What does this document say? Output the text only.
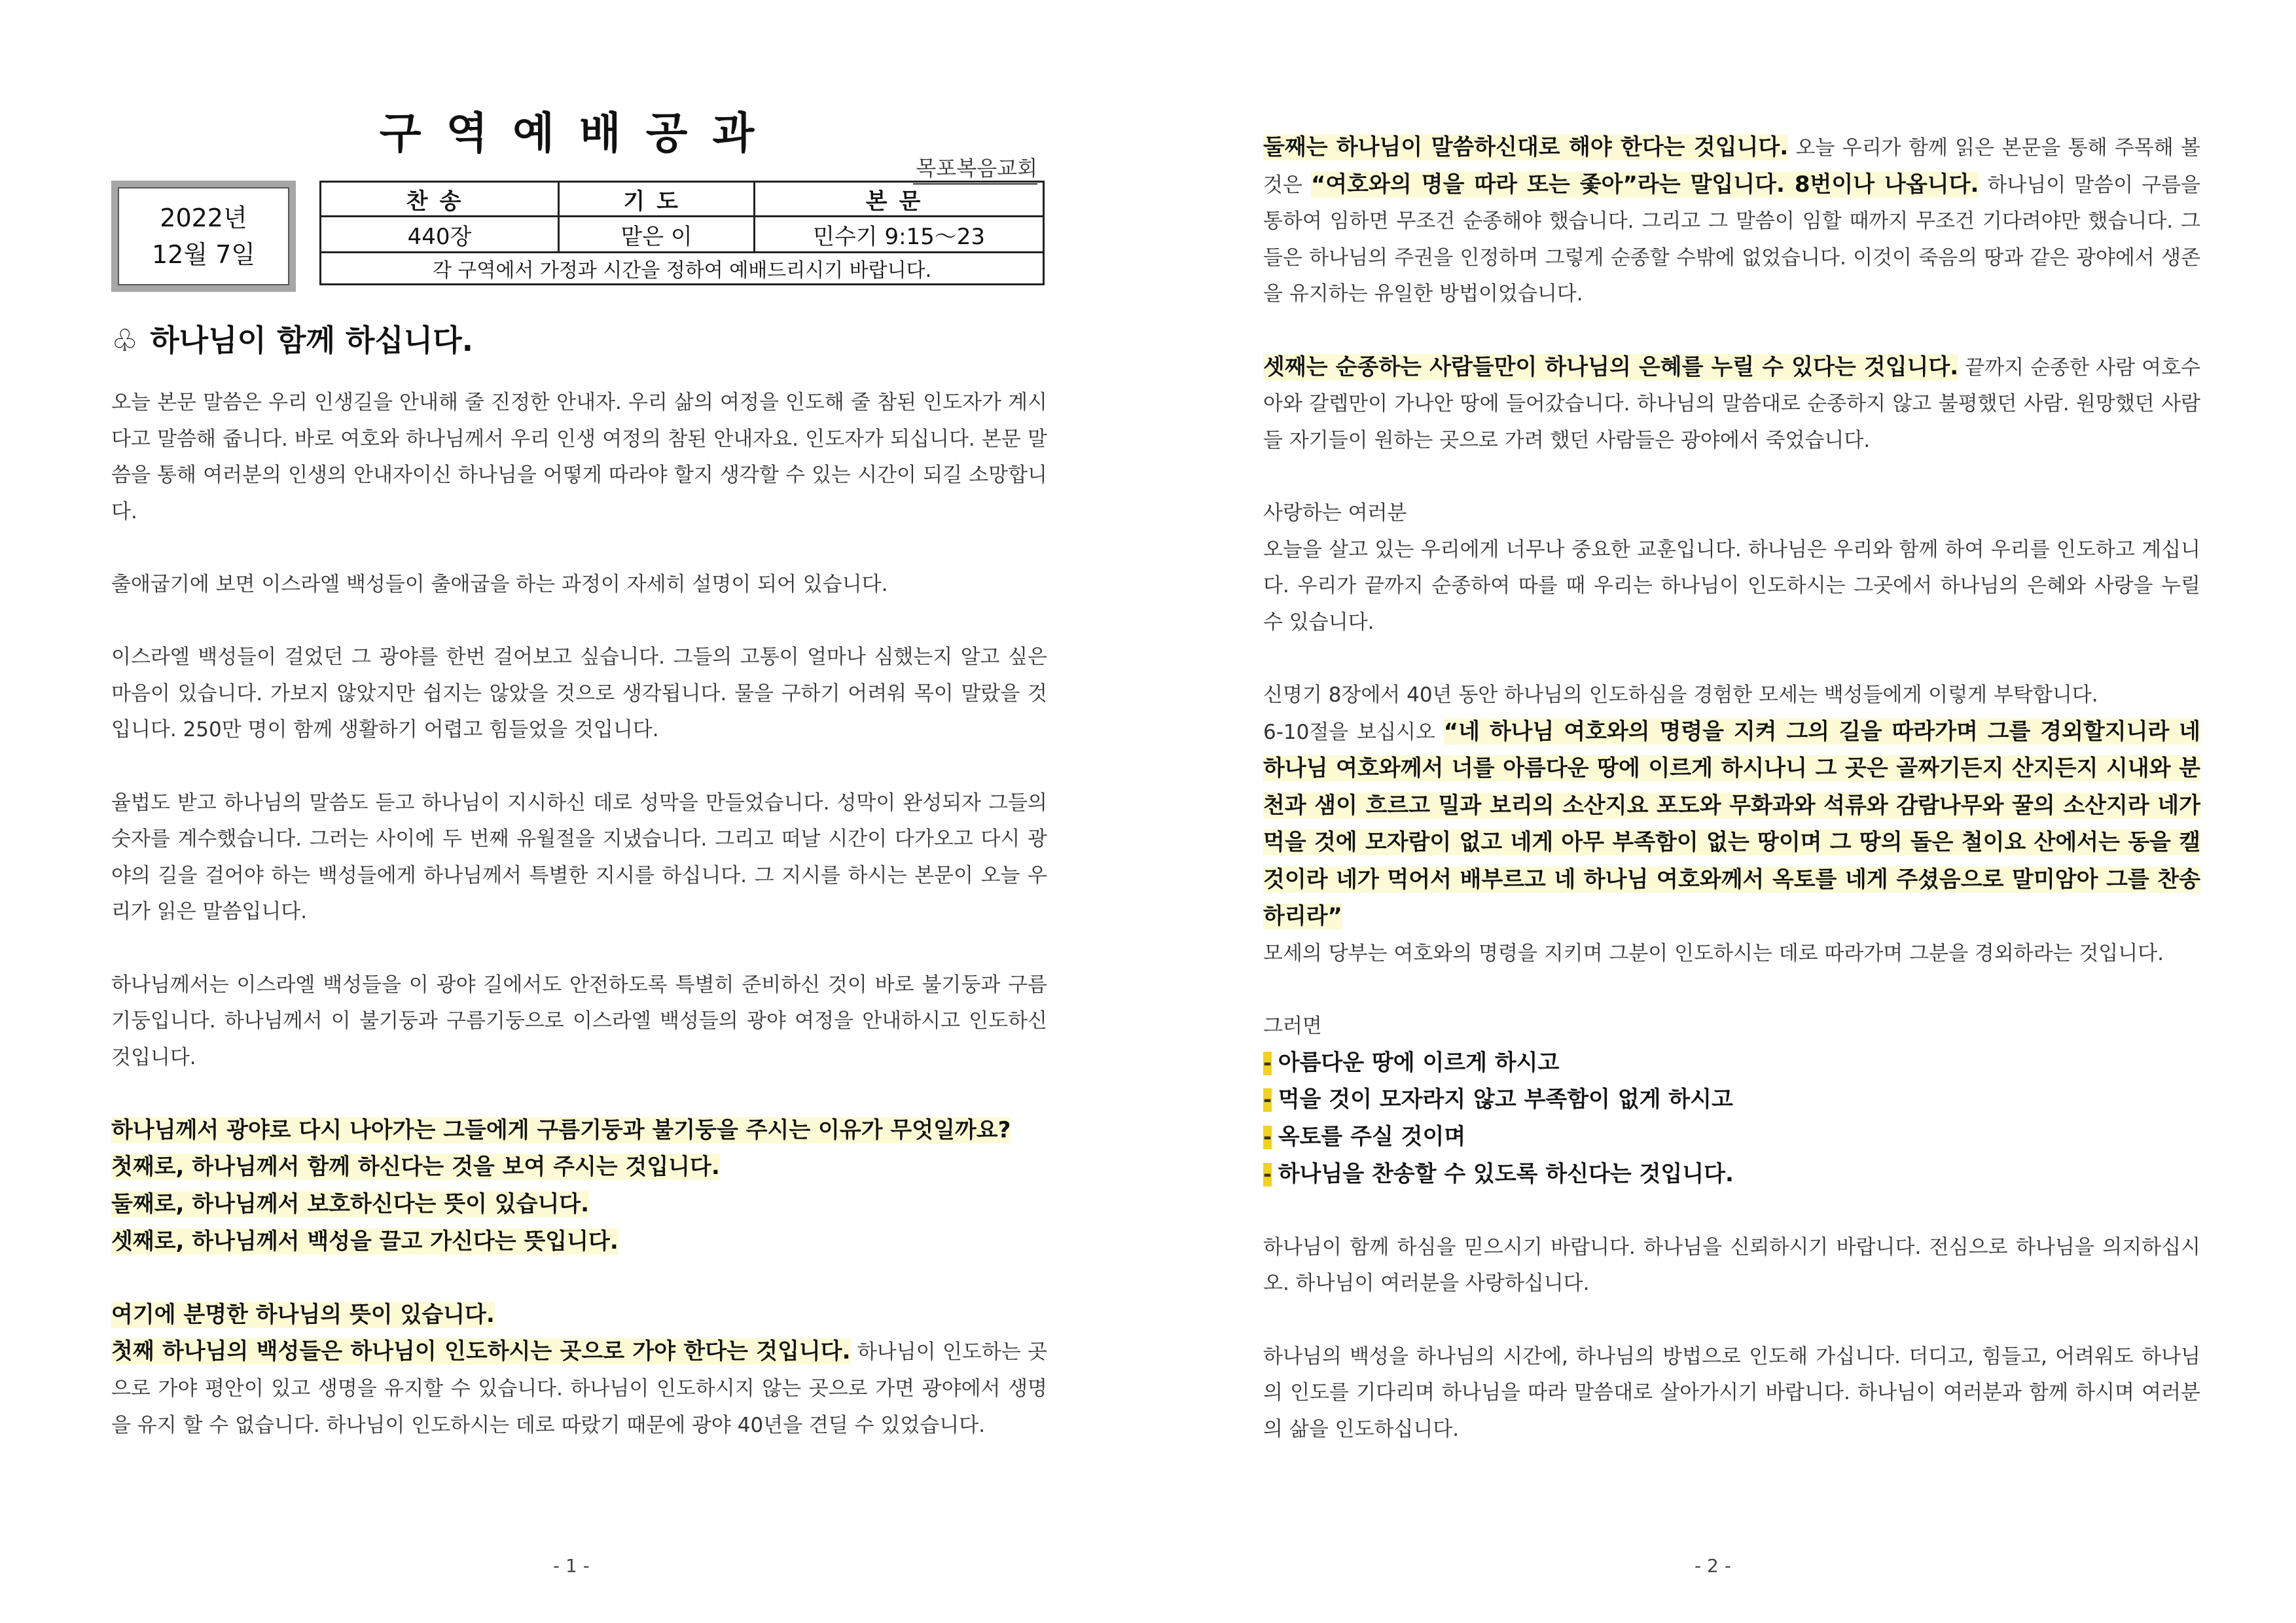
구역예배공과
목포복음교회
2022년
12월 7일
찬송	기도	본문
440장	맡은 이	민수기 9:15～23
각 구역에서 가정과 시간을 정하여 예배드리시기 바랍니다.		
♧ 하나님이 함께 하십니다.

오늘 본문 말씀은 우리 인생길을 안내해 줄 진정한 안내자. 우리 삶의 여정을 인도해 줄 참된 인도자가 계시다고 말씀해 줍니다. 바로 여호와 하나님께서 우리 인생 여정의 참된 안내자요. 인도자가 되십니다. 본문 말씀을 통해 여러분의 인생의 안내자이신 하나님을 어떻게 따라야 할지 생각할 수 있는 시간이 되길 소망합니다.

출애굽기에 보면 이스라엘 백성들이 출애굽을 하는 과정이 자세히 설명이 되어 있습니다.

이스라엘 백성들이 걸었던 그 광야를 한번 걸어보고 싶습니다. 그들의 고통이 얼마나 심했는지 알고 싶은 마음이 있습니다. 가보지 않았지만 쉽지는 않았을 것으로 생각됩니다. 물을 구하기 어려워 목이 말랐을 것입니다. 250만 명이 함께 생활하기 어렵고 힘들었을 것입니다.

율법도 받고 하나님의 말씀도 듣고 하나님이 지시하신 데로 성막을 만들었습니다. 성막이 완성되자 그들의 숫자를 계수했습니다. 그러는 사이에 두 번째 유월절을 지냈습니다. 그리고 떠날 시간이 다가오고 다시 광야의 길을 걸어야 하는 백성들에게 하나님께서 특별한 지시를 하십니다. 그 지시를 하시는 본문이 오늘 우리가 읽은 말씀입니다.

하나님께서는 이스라엘 백성들을 이 광야 길에서도 안전하도록 특별히 준비하신 것이 바로 불기둥과 구름기둥입니다. 하나님께서 이 불기둥과 구름기둥으로 이스라엘 백성들의 광야 여정을 안내하시고 인도하신 것입니다.

하나님께서 광야로 다시 나아가는 그들에게 구름기둥과 불기둥을 주시는 이유가 무엇일까요?

첫째로, 하나님께서 함께 하신다는 것을 보여 주시는 것입니다.

둘째로, 하나님께서 보호하신다는 뜻이 있습니다.

셋째로, 하나님께서 백성을 끌고 가신다는 뜻입니다.

여기에 분명한 하나님의 뜻이 있습니다.

첫째 하나님의 백성들은 하나님이 인도하시는 곳으로 가야 한다는 것입니다. 하나님이 인도하는 곳으로 가야 평안이 있고 생명을 유지할 수 있습니다. 하나님이 인도하시지 않는 곳으로 가면 광야에서 생명을 유지 할 수 없습니다. 하나님이 인도하시는 데로 따랐기 때문에 광야 40년을 견딜 수 있었습니다.

- 1 -

둘째는 하나님이 말씀하신대로 해야 한다는 것입니다. 오늘 우리가 함께 읽은 본문을 통해 주목해 볼 것은 “여호와의 명을 따라 또는 좇아”라는 말입니다. 8번이나 나옵니다. 하나님이 말씀이 구름을 통하여 임하면 무조건 순종해야 했습니다. 그리고 그 말씀이 임할 때까지 무조건 기다려야만 했습니다. 그들은 하나님의 주권을 인정하며 그렇게 순종할 수밖에 없었습니다. 이것이 죽음의 땅과 같은 광야에서 생존을 유지하는 유일한 방법이었습니다.

셋째는 순종하는 사람들만이 하나님의 은혜를 누릴 수 있다는 것입니다. 끝까지 순종한 사람 여호수아와 갈렙만이 가나안 땅에 들어갔습니다. 하나님의 말씀대로 순종하지 않고 불평했던 사람. 원망했던 사람들 자기들이 원하는 곳으로 가려 했던 사람들은 광야에서 죽었습니다.

사랑하는 여러분

오늘을 살고 있는 우리에게 너무나 중요한 교훈입니다. 하나님은 우리와 함께 하여 우리를 인도하고 계십니다. 우리가 끝까지 순종하여 따를 때 우리는 하나님이 인도하시는 그곳에서 하나님의 은혜와 사랑을 누릴 수 있습니다.

신명기 8장에서 40년 동안 하나님의 인도하심을 경험한 모세는 백성들에게 이렇게 부탁합니다.

6-10절을 보십시오 “네 하나님 여호와의 명령을 지켜 그의 길을 따라가며 그를 경외할지니라 네 하나님 여호와께서 너를 아름다운 땅에 이르게 하시나니 그 곳은 골짜기든지 산지든지 시내와 분천과 샘이 흐르고 밀과 보리의 소산지요 포도와 무화과와 석류와 감람나무와 꿀의 소산지라 네가 먹을 것에 모자람이 없고 네게 아무 부족함이 없는 땅이며 그 땅의 돌은 철이요 산에서는 동을 캘 것이라 네가 먹어서 배부르고 네 하나님 여호와께서 옥토를 네게 주셨음으로 말미암아 그를 찬송하리라”

모세의 당부는 여호와의 명령을 지키며 그분이 인도하시는 데로 따라가며 그분을 경외하라는 것입니다.

그러면

- 아름다운 땅에 이르게 하시고

- 먹을 것이 모자라지 않고 부족함이 없게 하시고

- 옥토를 주실 것이며

- 하나님을 찬송할 수 있도록 하신다는 것입니다.

하나님이 함께 하심을 믿으시기 바랍니다. 하나님을 신뢰하시기 바랍니다. 전심으로 하나님을 의지하십시오. 하나님이 여러분을 사랑하십니다.

하나님의 백성을 하나님의 시간에, 하나님의 방법으로 인도해 가십니다. 더디고, 힘들고, 어려워도 하나님의 인도를 기다리며 하나님을 따라 말씀대로 살아가시기 바랍니다. 하나님이 여러분과 함께 하시며 여러분의 삶을 인도하십니다.

- 2 -
